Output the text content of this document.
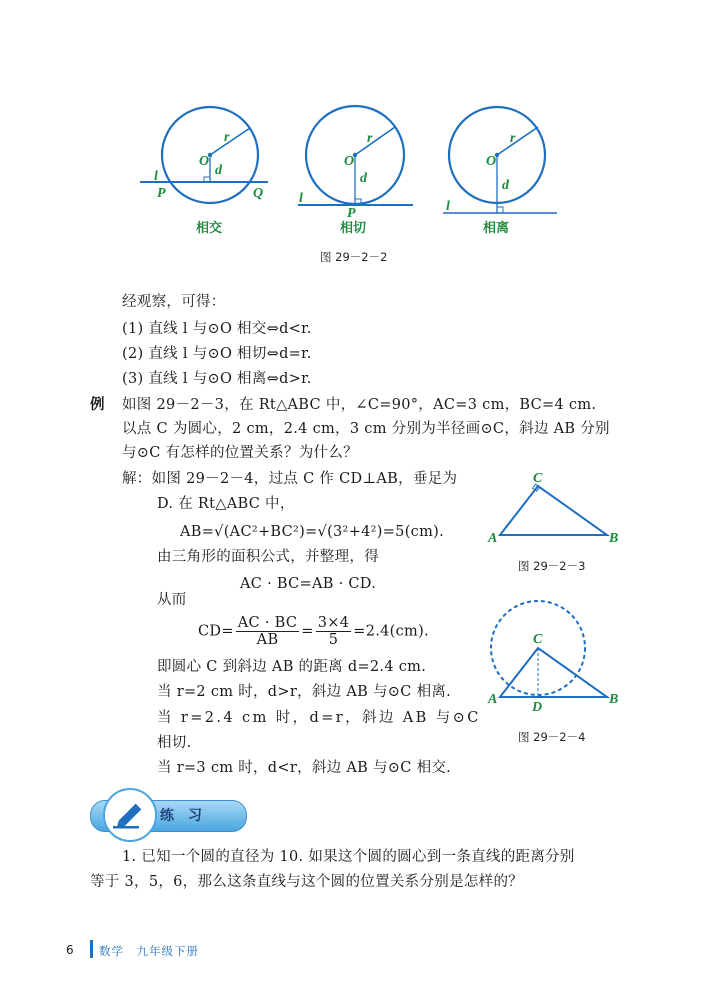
l
P	Q
O
r
d
l
P
O
r
d
l
O
r
d
相交	相切	相离
图 29－2－2
C
A	B
图 29－2－3
C
A	B
D
图 29－2－4
经观察，可得：
(1) 直线 l 与⊙O 相交⇔d<r.
(2) 直线 l 与⊙O 相切⇔d=r.
(3) 直线 l 与⊙O 相离⇔d>r.
例 如图 29－2－3，在 Rt△ABC 中，∠C=90°，AC=3 cm，BC=4 cm.
以点 C 为圆心，2 cm，2.4 cm，3 cm 分别为半径画⊙C，斜边 AB 分别
与⊙C 有怎样的位置关系？为什么？
解：如图 29－2－4，过点 C 作 CD⊥AB，垂足为
D. 在 Rt△ABC 中，
AB=√(AC²+BC²)=√(3²+4²)=5(cm).
由三角形的面积公式，并整理，得
AC · BC=AB · CD.
从而
$CD= \frac{AC \cdot BC}{AB} = \frac{3\times 4}{5} =2.4(cm)$.
即圆心 C 到斜边 AB 的距离 d=2.4 cm.
当 r=2 cm 时，d>r，斜边 AB 与⊙C 相离.
当 r=2.4 cm 时，d=r，斜边 AB 与⊙C
相切.
当 r=3 cm 时，d<r，斜边 AB 与⊙C 相交.
练习
1. 已知一个圆的直径为 10. 如果这个圆的圆心到一条直线的距离分别
等于 3，5，6，那么这条直线与这个圆的位置关系分别是怎样的？
6 数学　九年级下册
